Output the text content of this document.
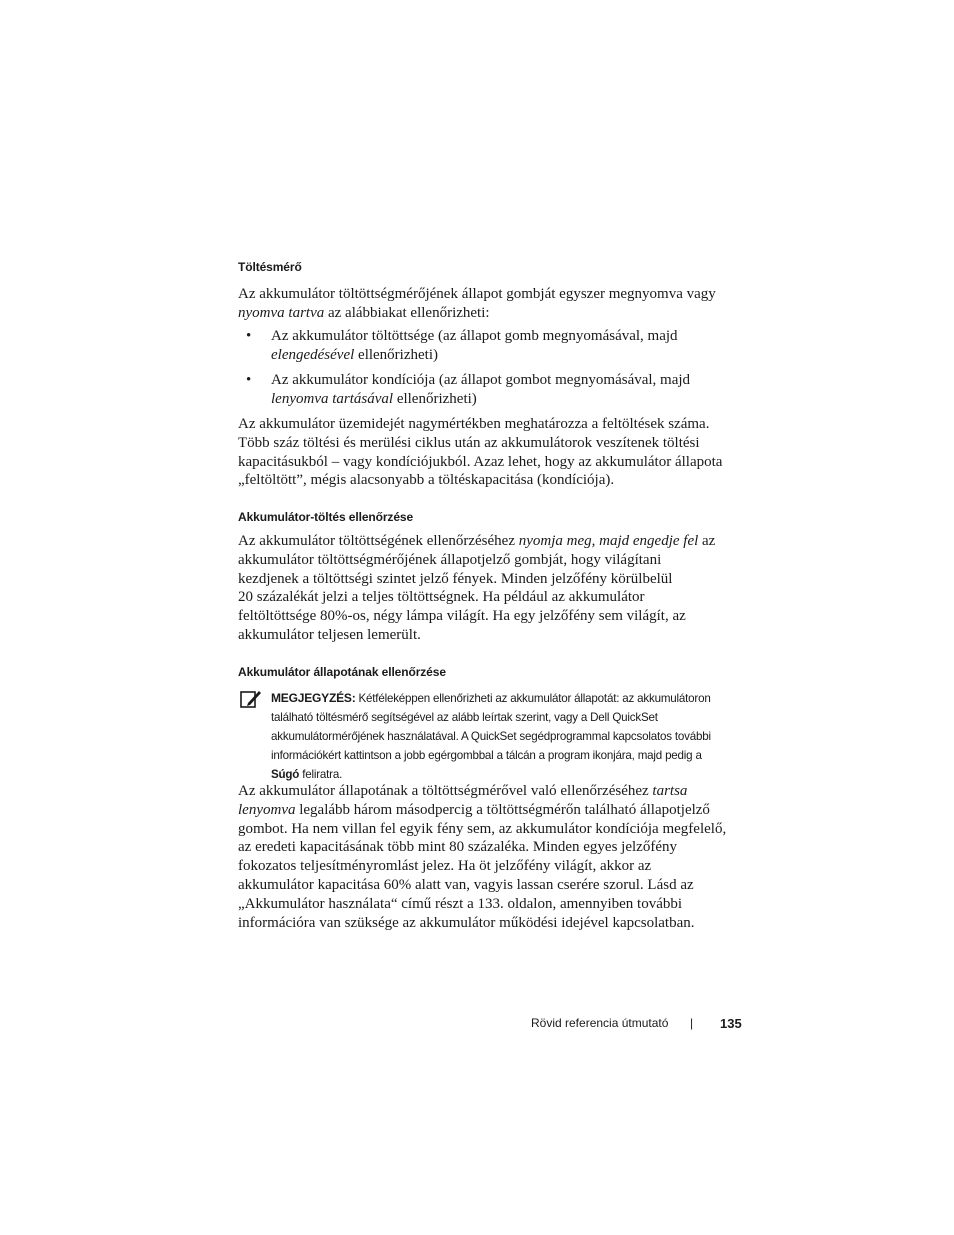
Töltésmérő

Az akkumulátor töltöttségmérőjének állapot gombját egyszer megnyomva vagy

nyomva tartva az alábbiakat ellenőrizheti:

• Az akkumulátor töltöttsége (az állapot gomb megnyomásával, majd

elengedésével ellenőrizheti)

• Az akkumulátor kondíciója (az állapot gombot megnyomásával, majd

lenyomva tartásával ellenőrizheti)

Az akkumulátor üzemidejét nagymértékben meghatározza a feltöltések száma.

Több száz töltési és merülési ciklus után az akkumulátorok veszítenek töltési

kapacitásukból – vagy kondíciójukból. Azaz lehet, hogy az akkumulátor állapota

„feltöltött”, mégis alacsonyabb a töltéskapacitása (kondíciója).

Akkumulátor-töltés ellenőrzése

Az akkumulátor töltöttségének ellenőrzéséhez nyomja meg, majd engedje fel az

akkumulátor töltöttségmérőjének állapotjelző gombját, hogy világítani

kezdjenek a töltöttségi szintet jelző fények. Minden jelzőfény körülbelül

20 százalékát jelzi a teljes töltöttségnek. Ha például az akkumulátor

feltöltöttsége 80%-os, négy lámpa világít. Ha egy jelzőfény sem világít, az

akkumulátor teljesen lemerült.

Akkumulátor állapotának ellenőrzése

MEGJEGYZÉS: Kétféleképpen ellenőrizheti az akkumulátor állapotát: az akkumulátoron

található töltésmérő segítségével az alább leírtak szerint, vagy a Dell QuickSet

akkumulátormérőjének használatával. A QuickSet segédprogrammal kapcsolatos további

információkért kattintson a jobb egérgombbal a tálcán a program ikonjára, majd pedig a

Súgó feliratra.

Az akkumulátor állapotának a töltöttségmérővel való ellenőrzéséhez tartsa

lenyomva legalább három másodpercig a töltöttségmérőn található állapotjelző

gombot. Ha nem villan fel egyik fény sem, az akkumulátor kondíciója megfelelő,

az eredeti kapacitásának több mint 80 százaléka. Minden egyes jelzőfény

fokozatos teljesítményromlást jelez. Ha öt jelzőfény világít, akkor az

akkumulátor kapacitása 60% alatt van, vagyis lassan cserére szorul. Lásd az

„Akkumulátor használata“ című részt a 133. oldalon, amennyiben további

információra van szüksége az akkumulátor működési idejével kapcsolatban.

Rövid referencia útmutató | 135
